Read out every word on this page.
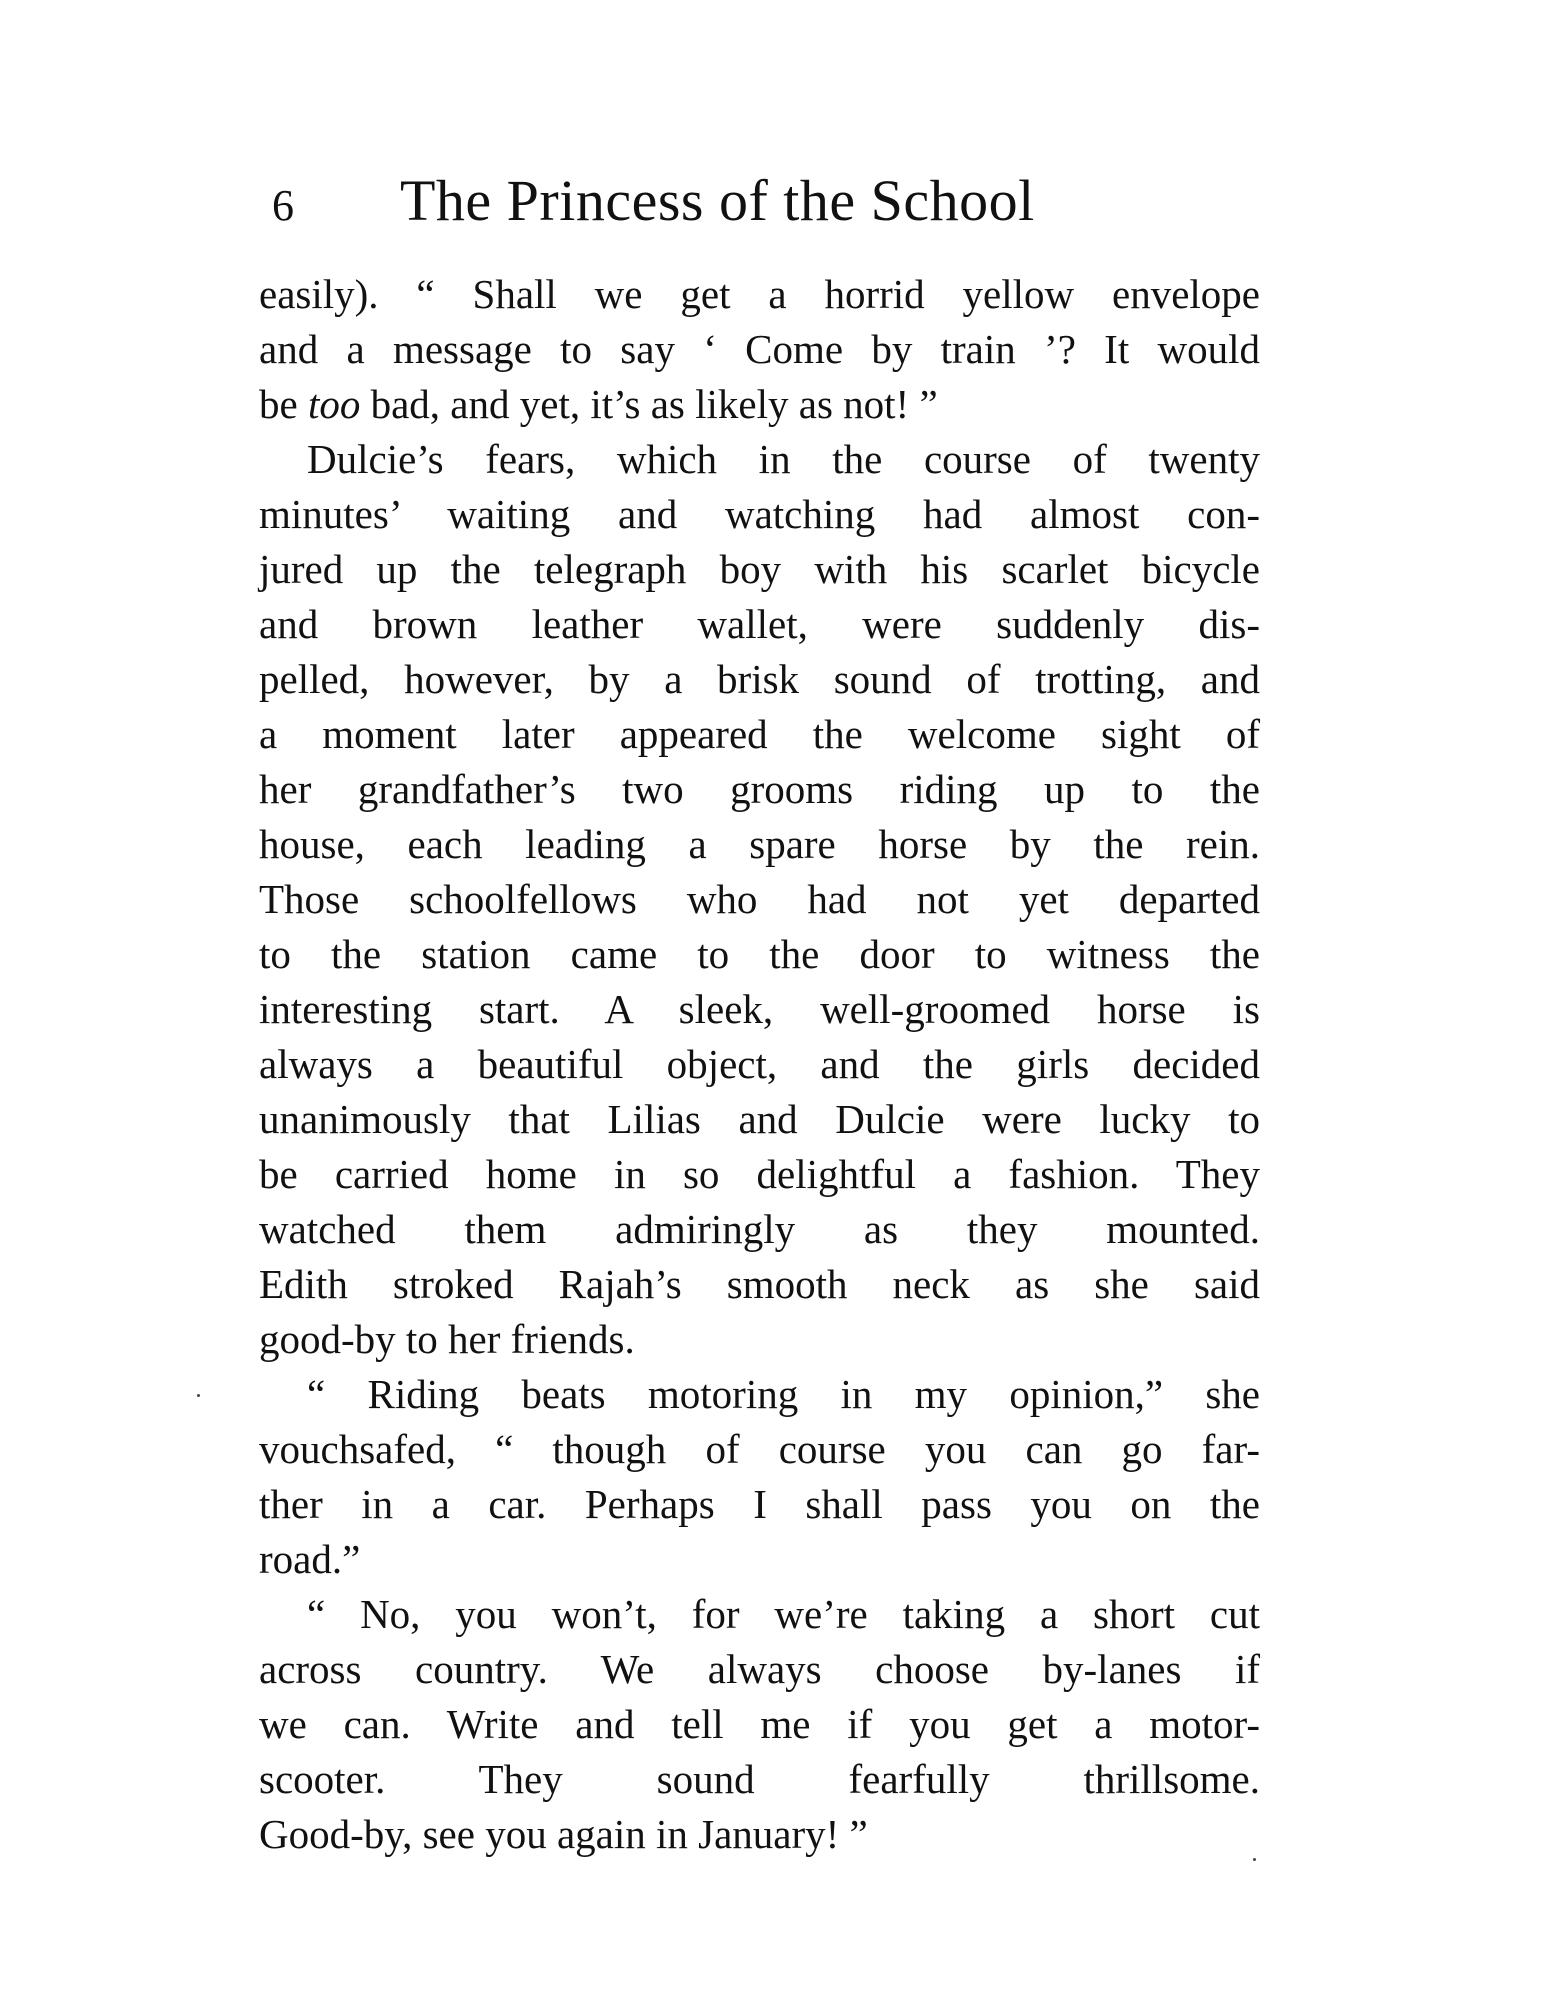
6 The Princess of the School
easily). “ Shall we get a horrid yellow envelope
and a message to say ‘ Come by train ’? It would
be too bad, and yet, it’s as likely as not! ”
Dulcie’s fears, which in the course of twenty
minutes’ waiting and watching had almost con-
jured up the telegraph boy with his scarlet bicycle
and brown leather wallet, were suddenly dis-
pelled, however, by a brisk sound of trotting, and
a moment later appeared the welcome sight of
her grandfather’s two grooms riding up to the
house, each leading a spare horse by the rein.
Those schoolfellows who had not yet departed
to the station came to the door to witness the
interesting start. A sleek, well-groomed horse is
always a beautiful object, and the girls decided
unanimously that Lilias and Dulcie were lucky to
be carried home in so delightful a fashion. They
watched them admiringly as they mounted.
Edith stroked Rajah’s smooth neck as she said
good-by to her friends.
“ Riding beats motoring in my opinion,” she
vouchsafed, “ though of course you can go far-
ther in a car. Perhaps I shall pass you on the
road.”
“ No, you won’t, for we’re taking a short cut
across country. We always choose by-lanes if
we can. Write and tell me if you get a motor-
scooter. They sound fearfully thrillsome.
Good-by, see you again in January! ”
